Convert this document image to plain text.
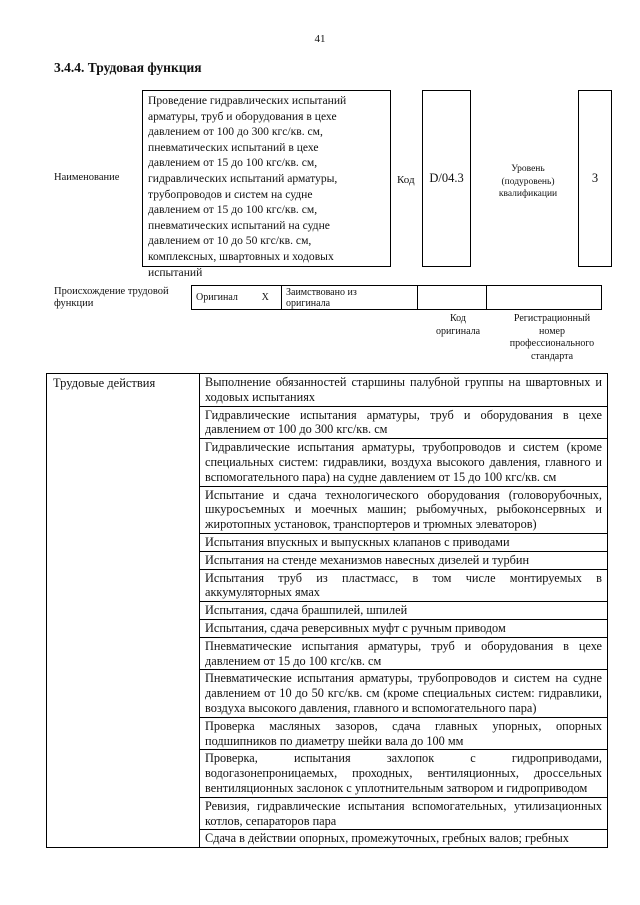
41
3.4.4. Трудовая функция
Наименование
Проведение гидравлических испытаний
арматуры, труб и оборудования в цехе
давлением от 100 до 300 кгс/кв. см,
пневматических испытаний в цехе
давлением от 15 до 100 кгс/кв. см,
гидравлических испытаний арматуры,
трубопроводов и систем на судне
давлением от 15 до 100 кгс/кв. см,
пневматических испытаний на судне
давлением от 10 до 50 кгс/кв. см,
комплексных, швартовных и ходовых
испытаний
Код D/04.3
Уровень
(подуровень)
квалификации
3
Происхождение трудовой
функции
Оригинал	X	Заимствовано из
оригинала

Код
оригинала
Регистрационный
номер
профессионального
стандарта
Трудовые действия	Выполнение обязанностей старшины палубной группы на швартовных и ходовых испытаниях
Гидравлические испытания арматуры, труб и оборудования в цехе давлением от 100 до 300 кгс/кв. см
Гидравлические испытания арматуры, трубопроводов и систем (кроме специальных систем: гидравлики, воздуха высокого давления, главного и вспомогательного пара) на судне давлением от 15 до 100 кгс/кв. см
Испытание и сдача технологического оборудования (головорубочных, шкуросъемных и моечных машин; рыбомучных, рыбоконсервных и жиротопных установок, транспортеров и трюмных элеваторов)
Испытания впускных и выпускных клапанов с приводами
Испытания на стенде механизмов навесных дизелей и турбин
Испытания труб из пластмасс, в том числе монтируемых в аккумуляторных ямах
Испытания, сдача брашпилей, шпилей
Испытания, сдача реверсивных муфт с ручным приводом
Пневматические испытания арматуры, труб и оборудования в цехе давлением от 15 до 100 кгс/кв. см
Пневматические испытания арматуры, трубопроводов и систем на судне давлением от 10 до 50 кгс/кв. см (кроме специальных систем: гидравлики, воздуха высокого давления, главного и вспомогательного пара)
Проверка масляных зазоров, сдача главных упорных, опорных подшипников по диаметру шейки вала до 100 мм
Проверка, испытания захлопок с гидроприводами, водогазонепроницаемых, проходных, вентиляционных, дроссельных вентиляционных заслонок с уплотнительным затвором и гидроприводом
Ревизия, гидравлические испытания вспомогательных, утилизационных котлов, сепараторов пара
Сдача в действии опорных, промежуточных, гребных валов; гребных
